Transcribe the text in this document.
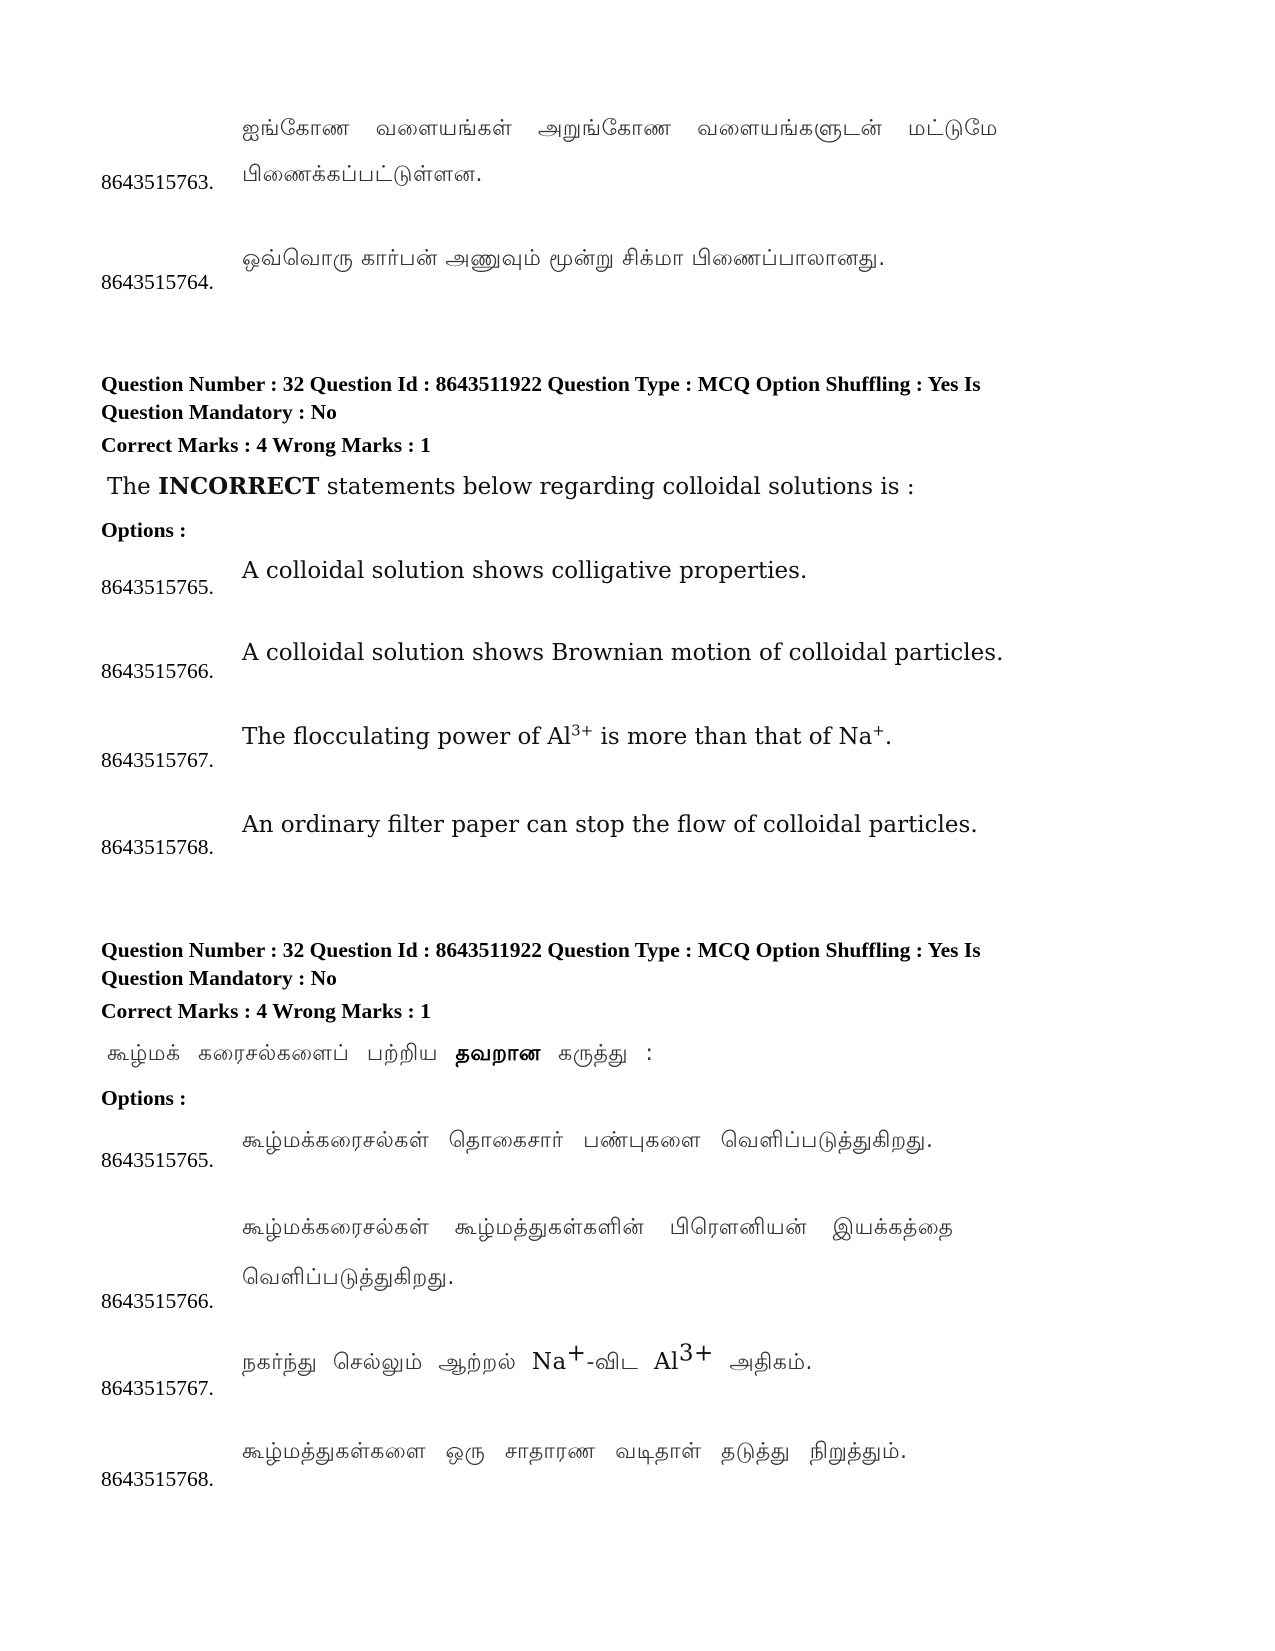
ஐங்கோண வளையங்கள் அறுங்கோண வளையங்களுடன் மட்டுமே பிணைக்கப்பட்டுள்ளன.
8643515763.
ஒவ்வொரு கார்பன் அணுவும் மூன்று சிக்மா பிணைப்பாலானது.
8643515764.
Question Number : 32 Question Id : 8643511922 Question Type : MCQ Option Shuffling : Yes Is
Question Mandatory : No
Correct Marks : 4 Wrong Marks : 1
The INCORRECT statements below regarding colloidal solutions is :
Options :
A colloidal solution shows colligative properties.
8643515765.
A colloidal solution shows Brownian motion of colloidal particles.
8643515766.
The flocculating power of $Al^{3+}$ is more than that of Na+.
8643515767.
An ordinary filter paper can stop the flow of colloidal particles.
8643515768.
Question Number : 32 Question Id : 8643511922 Question Type : MCQ Option Shuffling : Yes Is
Question Mandatory : No
Correct Marks : 4 Wrong Marks : 1
கூழ்மக் கரைசல்களைப் பற்றிய தவறான கருத்து :
Options :
கூழ்மக்கரைசல்கள் தொகைசார் பண்புகளை வெளிப்படுத்துகிறது.
8643515765.
கூழ்மக்கரைசல்கள் கூழ்மத்துகள்களின் பிரௌனியன் இயக்கத்தை
வெளிப்படுத்துகிறது.
8643515766.
நகர்ந்து செல்லும் ஆற்றல் Na+-விட $Al^{3+}$ அதிகம்.
8643515767.
கூழ்மத்துகள்களை ஒரு சாதாரண வடிதாள் தடுத்து நிறுத்தும்.
8643515768.
